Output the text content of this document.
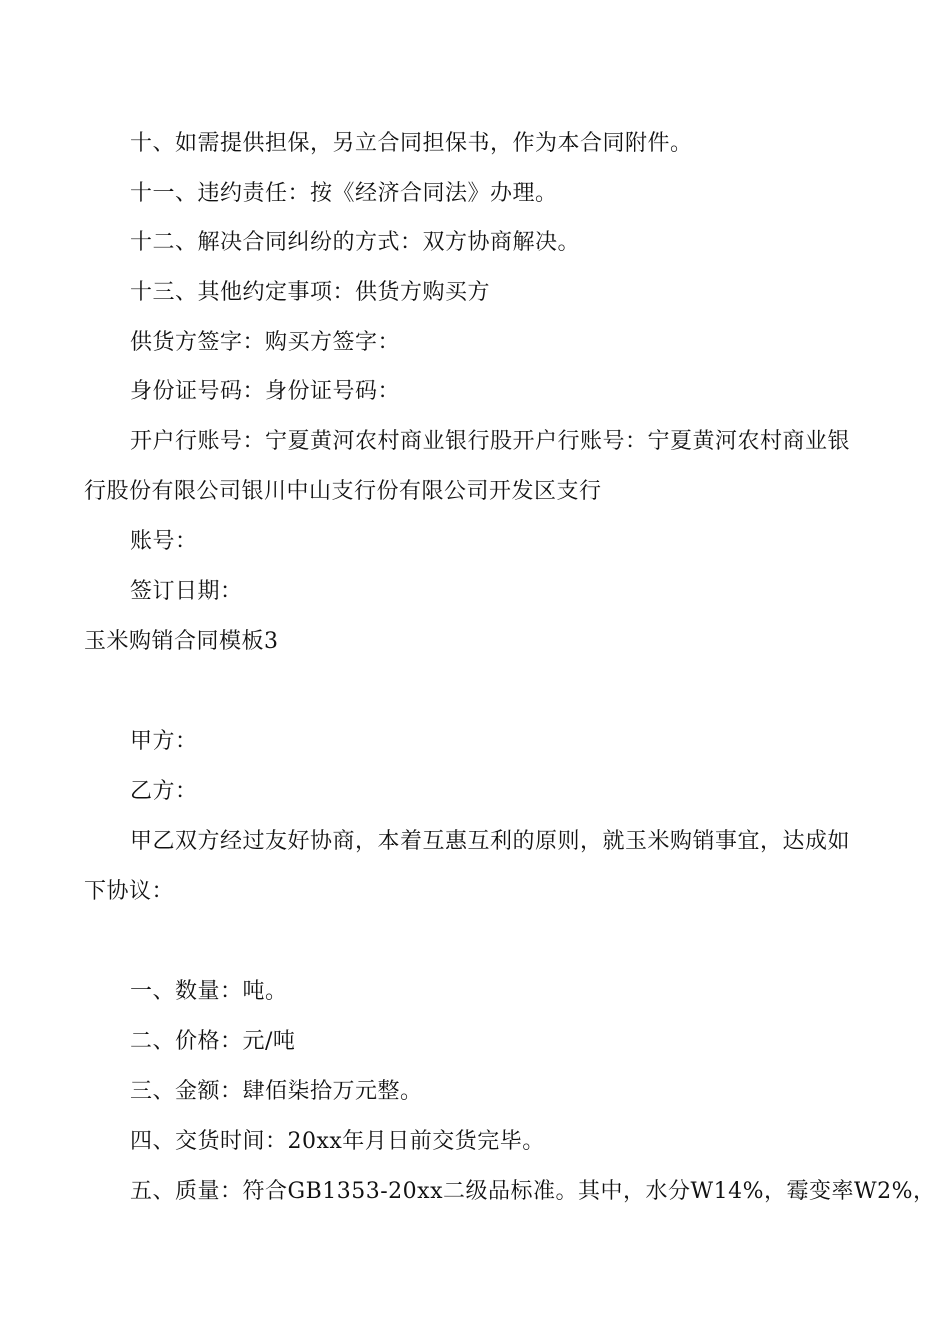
十、如需提供担保，另立合同担保书，作为本合同附件。
十一、违约责任：按《经济合同法》办理。
十二、解决合同纠纷的方式：双方协商解决。
十三、其他约定事项：供货方购买方
供货方签字：购买方签字：
身份证号码：身份证号码：
开户行账号：宁夏黄河农村商业银行股开户行账号：宁夏黄河农村商业银
行股份有限公司银川中山支行份有限公司开发区支行
账号：
签订日期：
玉米购销合同模板3
甲方：
乙方：
甲乙双方经过友好协商，本着互惠互利的原则，就玉米购销事宜，达成如
下协议：
一、数量：吨。
二、价格：元/吨
三、金额：肆佰柒拾万元整。
四、交货时间：20xx年月日前交货完毕。
五、质量：符合GB1353-20xx二级品标准。其中，水分W14%，霉变率W2%，
